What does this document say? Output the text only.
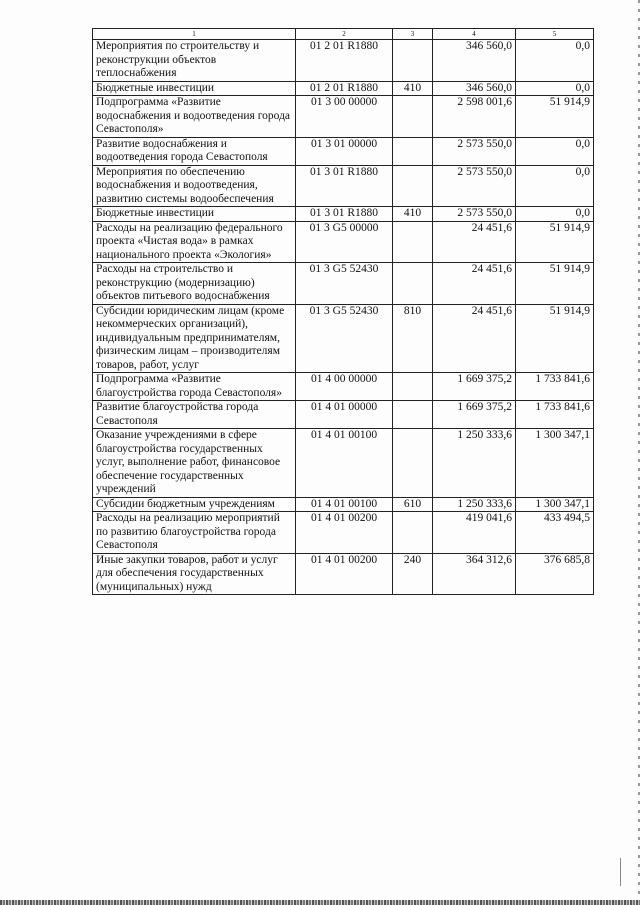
1	2	3	4	5
Мероприятия по строительству и реконструкции объектов теплоснабжения	01 2 01 R1880		346 560,0	0,0
Бюджетные инвестиции	01 2 01 R1880	410	346 560,0	0,0
Подпрограмма «Развитие водоснабжения и водоотведения города Севастополя»	01 3 00 00000		2 598 001,6	51 914,9
Развитие водоснабжения и водоотведения города Севастополя	01 3 01 00000		2 573 550,0	0,0
Мероприятия по обеспечению водоснабжения и водоотведения, развитию системы водообеспечения	01 3 01 R1880		2 573 550,0	0,0
Бюджетные инвестиции	01 3 01 R1880	410	2 573 550,0	0,0
Расходы на реализацию федерального проекта «Чистая вода» в рамках национального проекта «Экология»	01 3 G5 00000		24 451,6	51 914,9
Расходы на строительство и реконструкцию (модернизацию) объектов питьевого водоснабжения	01 3 G5 52430		24 451,6	51 914,9
Субсидии юридическим лицам (кроме некоммерческих организаций), индивидуальным предпринимателям, физическим лицам – производителям товаров, работ, услуг	01 3 G5 52430	810	24 451,6	51 914,9
Подпрограмма «Развитие благоустройства города Севастополя»	01 4 00 00000		1 669 375,2	1 733 841,6
Развитие благоустройства города Севастополя	01 4 01 00000		1 669 375,2	1 733 841,6
Оказание учреждениями в сфере благоустройства государственных услуг, выполнение работ, финансовое обеспечение государственных учреждений	01 4 01 00100		1 250 333,6	1 300 347,1
Субсидии бюджетным учреждениям	01 4 01 00100	610	1 250 333,6	1 300 347,1
Расходы на реализацию мероприятий по развитию благоустройства города Севастополя	01 4 01 00200		419 041,6	433 494,5
Иные закупки товаров, работ и услуг для обеспечения государственных (муниципальных) нужд	01 4 01 00200	240	364 312,6	376 685,8
